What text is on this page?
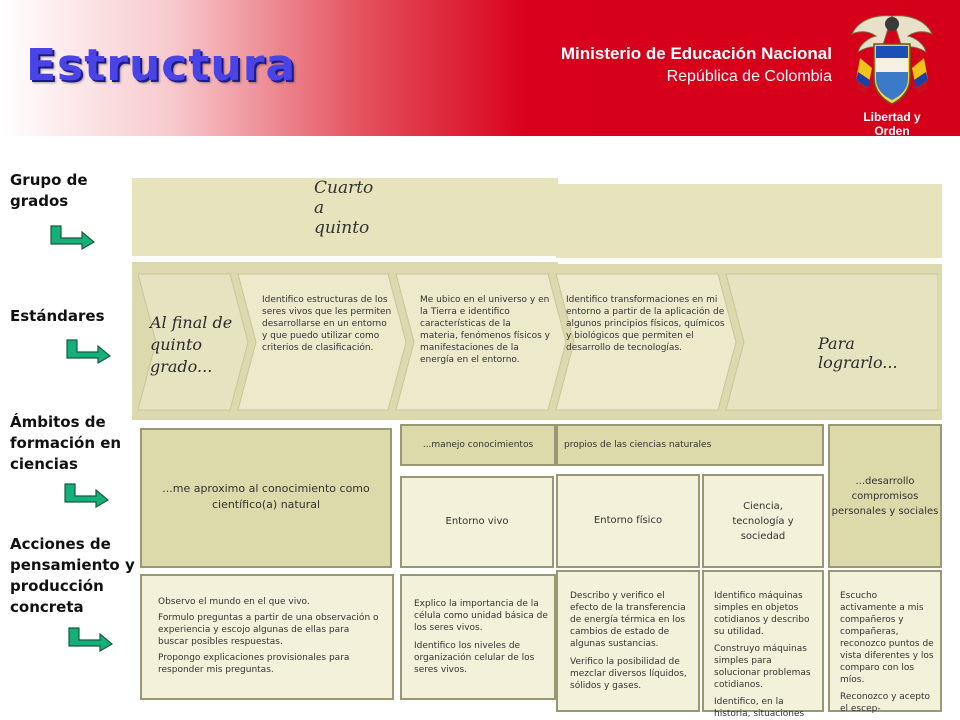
Estructura	Ministerio de Educación Nacional
República de Colombia
Libertad y Orden
Grupo de grados
Estándares
Ámbitos de formación en ciencias
Acciones de pensamiento y producción concreta
Cuarto a quinto
Al final de quinto grado...
Identifico estructuras de los seres vivos que les permiten desarrollarse en un entorno y que puedo utilizar como criterios de clasificación.
Me ubico en el universo y en la Tierra e identifico características de la materia, fenómenos físicos y manifestaciones de la energía en el entorno.
Identifico transformaciones en mi entorno a partir de la aplicación de algunos principios físicos, químicos y biológicos que permiten el desarrollo de tecnologías.	Para lograrlo...
...me aproximo al conocimiento como científico(a) natural
...manejo conocimientos	propios de las ciencias naturales
...desarrollo compromisos personales y sociales
Entorno vivo	Entorno físico
Ciencia, tecnología y sociedad
Observo el mundo en el que vivo.
Formulo preguntas a partir de una observación o experiencia y escojo algunas de ellas para buscar posibles respuestas.
Propongo explicaciones provisionales para responder mis preguntas.
Explico la importancia de la célula como unidad básica de los seres vivos.
Identifico los niveles de organización celular de los seres vivos.
Describo y verifico el efecto de la transferencia de energía térmica en los cambios de estado de algunas sustancias.
Verifico la posibilidad de mezclar diversos líquidos, sólidos y gases.
Identifico máquinas simples en objetos cotidianos y describo su utilidad.
Construyo máquinas simples para solucionar problemas cotidianos.
Identifico, en la historia, situaciones
Escucho activamente a mis compañeros y compañeras, reconozco puntos de vista diferentes y los comparo con los míos.
Reconozco y acepto el escep-
